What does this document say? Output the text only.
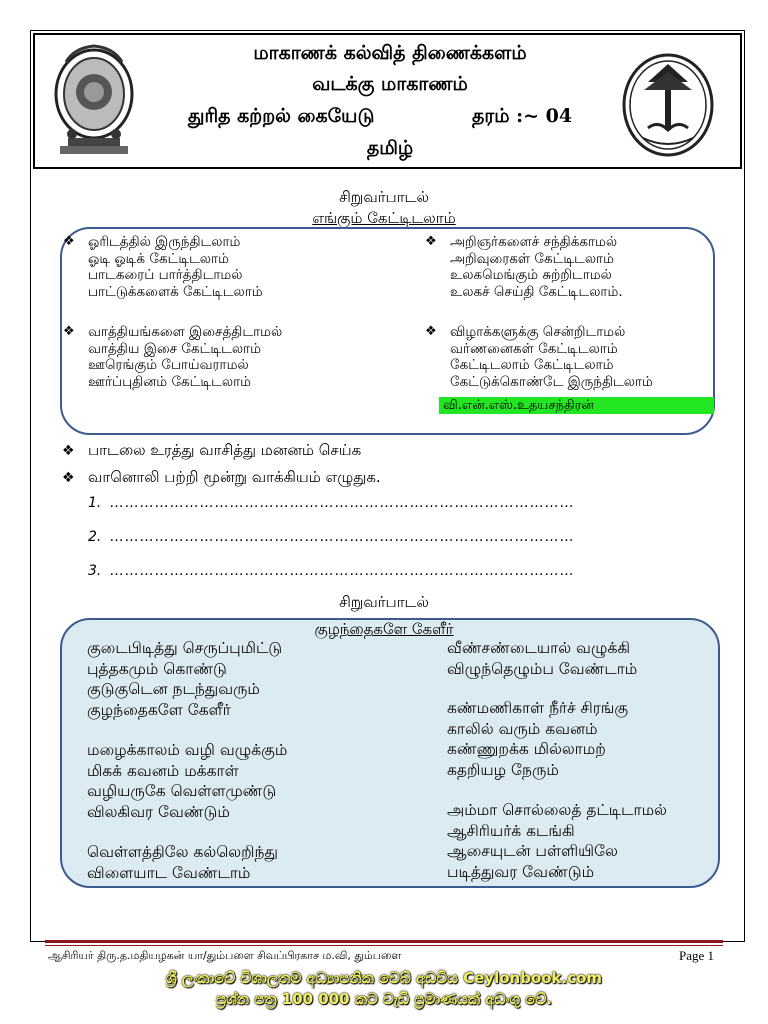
மாகாணக் கல்வித் திணைக்களம்
வடக்கு மாகாணம்
துரித கற்றல் கையேடு	தரம் :~ 04
தமிழ்
சிறுவர்பாடல்
எங்கும் கேட்டிடலாம்
❖ ஓரிடத்தில் இருந்திடலாம்
ஓடி ஓடிக் கேட்டிடலாம்
பாடகரைப் பார்த்திடாமல்
பாட்டுக்களைக் கேட்டிடலாம்
❖ அறிஞர்களைச் சந்திக்காமல்
அறிவுரைகள் கேட்டிடலாம்
உலகமெங்கும் சுற்றிடாமல்
உலகச் செய்தி கேட்டிடலாம்.
❖ வாத்தியங்களை இசைத்திடாமல்
வாத்திய இசை கேட்டிடலாம்
ஊரெங்கும் போய்வராமல்
ஊர்ப்புதினம் கேட்டிடலாம்
❖ விழாக்களுக்கு சென்றிடாமல்
வர்ணனைகள் கேட்டிடலாம்
கேட்டிடலாம் கேட்டிடலாம்
கேட்டுக்கொண்டே இருந்திடலாம்
வி.என்.எஸ்.உதயசந்திரன்
❖ பாடலை உரத்து வாசித்து மனனம் செய்க
❖ வானொலி பற்றி மூன்று வாக்கியம் எழுதுக.
1. …………………………………………………………………………………
2. …………………………………………………………………………………
3. …………………………………………………………………………………
சிறுவர்பாடல்
குழந்தைகளே கேளீர்
குடைபிடித்து செருப்புமிட்டு
புத்தகமும் கொண்டு
குடுகுடென நடந்துவரும்
குழந்தைகளே கேளீர்
மழைக்காலம் வழி வழுக்கும்
மிகக் கவனம் மக்காள்
வழியருகே வெள்ளமுண்டு
விலகிவர வேண்டும்
வெள்ளத்திலே கல்லெறிந்து
விளையாட வேண்டாம்
வீண்சண்டையால் வழுக்கி
விழுந்தெழும்ப வேண்டாம்
கண்மணிகாள் நீர்ச் சிரங்கு
காலில் வரும் கவனம்
கண்ணுறக்க மில்லாமற்
கதறியழ நேரும்
அம்மா சொல்லைத் தட்டிடாமல்
ஆசிரியர்க் கடங்கி
ஆசையுடன் பள்ளியிலே
படித்துவர வேண்டும்
ஆசிரியர் திரு.த.மதியழகன் யா/தும்பளை சிவப்பிரகாச ம.வி, தும்பளை	Page 1
ශ්‍රී ලංකාවේ විශාලතම අධ්‍යාපනික වෙබ් අඩවිය Ceylonbook.com
ප්‍රශ්න පත්‍ර 100 000 කට වැඩි ප්‍රමාණයක් අඩංගු වේ.
